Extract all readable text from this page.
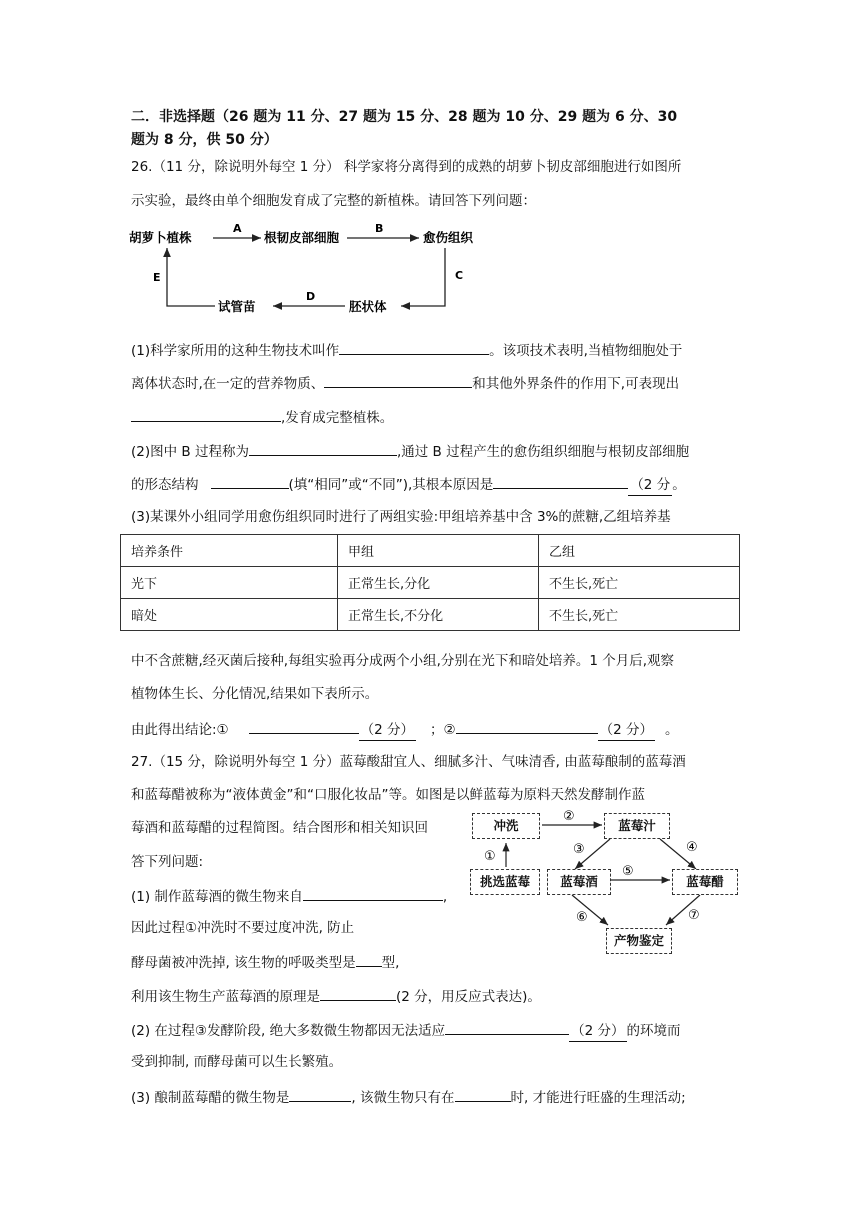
二．非选择题（26 题为 11 分、27 题为 15 分、28 题为 10 分、29 题为 6 分、30
题为 8 分，供 50 分）
26.（11 分，除说明外每空 1 分） 科学家将分离得到的成熟的胡萝卜韧皮部细胞进行如图所
示实验，最终由单个细胞发育成了完整的新植株。请回答下列问题：
胡萝卜植株	根韧皮部细胞	愈伤组织
胚状体
试管苗
A	B
C
D
E
(1)科学家所用的这种生物技术叫作	。该项技术表明,当植物细胞处于
离体状态时,在一定的营养物质、	和其他外界条件的作用下,可表现出
,发育成完整植株。
(2)图中 B 过程称为	,通过 B 过程产生的愈伤组织细胞与根韧皮部细胞
的形态结构	(填“相同”或“不同”),其根本原因是	（2 分 。
(3)某课外小组同学用愈伤组织同时进行了两组实验:甲组培养基中含 3%的蔗糖,乙组培养基
培养条件	甲组	乙组
光下	正常生长,分化	不生长,死亡
暗处	正常生长,不分化	不生长,死亡
中不含蔗糖,经灭菌后接种,每组实验再分成两个小组,分别在光下和暗处培养。1 个月后,观察
植物体生长、分化情况,结果如下表所示。
由此得出结论:①	（2 分） ；②	（2 分） 。
27.（15 分，除说明外每空 1 分）蓝莓酸甜宜人、细腻多汁、气味清香, 由蓝莓酿制的蓝莓酒
和蓝莓醋被称为“液体黄金”和“口服化妆品”等。如图是以鲜蓝莓为原料天然发酵制作蓝
莓酒和蓝莓醋的过程简图。结合图形和相关知识回
答下列问题:	①
②
③	④
⑤
⑥	⑦
冲洗	蓝莓汁
挑选蓝莓	蓝莓酒	蓝莓醋
产物鉴定
(1) 制作蓝莓酒的微生物来自	,
因此过程①冲洗时不要过度冲洗, 防止
酵母菌被冲洗掉, 该生物的呼吸类型是 型,
利用该生物生产蓝莓酒的原理是	(2 分，用反应式表达)。
(2) 在过程③发酵阶段, 绝大多数微生物都因无法适应	（2 分） 的环境而
受到抑制, 而酵母菌可以生长繁殖。
(3) 酿制蓝莓醋的微生物是	, 该微生物只有在	时, 才能进行旺盛的生理活动;
